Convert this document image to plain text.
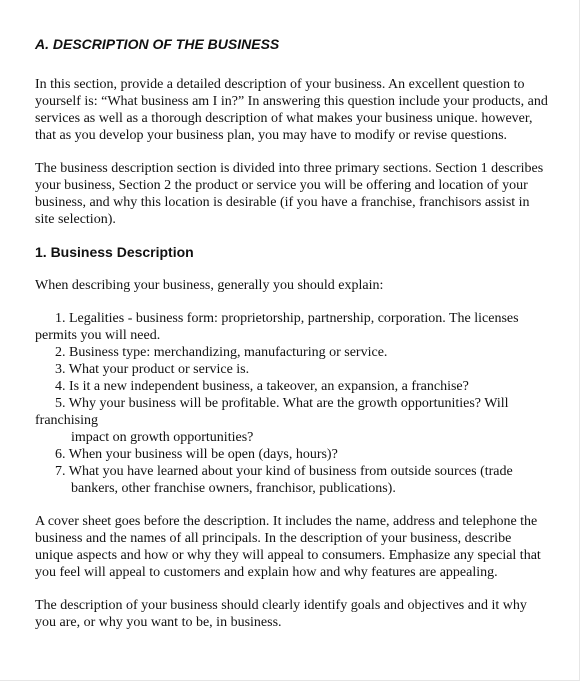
A. DESCRIPTION OF THE BUSINESS

In this section, provide a detailed description of your business. An excellent question to yourself is: “What business am I in?” In answering this question include your products, and services as well as a thorough description of what makes your business unique. however, that as you develop your business plan, you may have to modify or revise questions.

The business description section is divided into three primary sections. Section 1 describes your business, Section 2 the product or service you will be offering and location of your business, and why this location is desirable (if you have a franchise, franchisors assist in site selection).

1. Business Description

When describing your business, generally you should explain:

1. Legalities - business form: proprietorship, partnership, corporation. The licenses
permits you will need.
2. Business type: merchandizing, manufacturing or service.
3. What your product or service is.
4. Is it a new independent business, a takeover, an expansion, a franchise?
5. Why your business will be profitable. What are the growth opportunities? Will
franchising
impact on growth opportunities?
6. When your business will be open (days, hours)?
7. What you have learned about your kind of business from outside sources (trade
bankers, other franchise owners, franchisor, publications).

A cover sheet goes before the description. It includes the name, address and telephone the business and the names of all principals. In the description of your business, describe unique aspects and how or why they will appeal to consumers. Emphasize any special that you feel will appeal to customers and explain how and why features are appealing.

The description of your business should clearly identify goals and objectives and it why you are, or why you want to be, in business.
